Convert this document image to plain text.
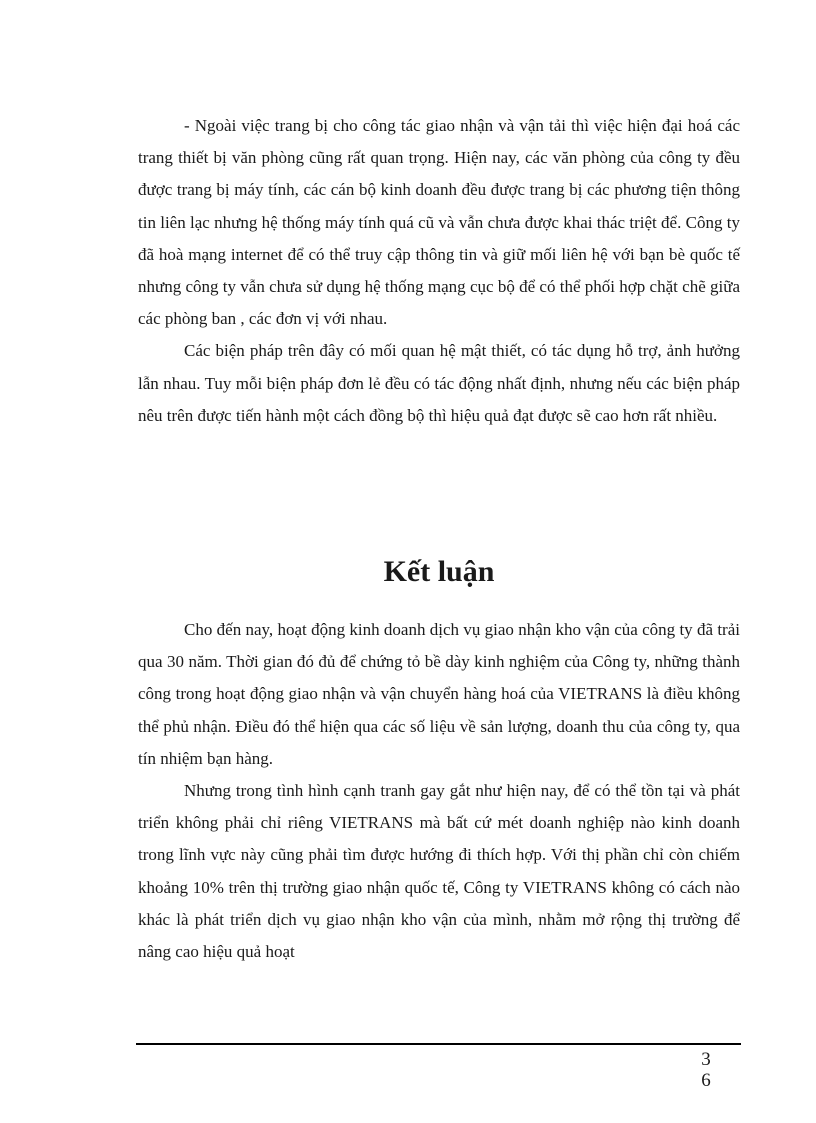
- Ngoài việc trang bị cho công tác giao nhận và vận tải thì việc hiện đại hoá các trang thiết bị văn phòng cũng rất quan trọng. Hiện nay, các văn phòng của công ty đều được trang bị máy tính, các cán bộ kinh doanh đều được trang bị các phương tiện thông tin liên lạc nhưng hệ thống máy tính quá cũ và vẫn chưa được khai thác triệt để. Công ty đã hoà mạng internet để có thể truy cập thông tin và giữ mối liên hệ với bạn bè quốc tế nhưng công ty vẫn chưa sử dụng hệ thống mạng cục bộ để có thể phối hợp chặt chẽ giữa các phòng ban , các đơn vị với nhau.

Các biện pháp trên đây có mối quan hệ mật thiết, có tác dụng hỗ trợ, ảnh hưởng lẫn nhau. Tuy mỗi biện pháp đơn lẻ đều có tác động nhất định, nhưng nếu các biện pháp nêu trên được tiến hành một cách đồng bộ thì hiệu quả đạt được sẽ cao hơn rất nhiều.

Kết luận

Cho đến nay, hoạt động kinh doanh dịch vụ giao nhận kho vận của công ty đã trải qua 30 năm. Thời gian đó đủ để chứng tỏ bề dày kinh nghiệm của Công ty, những thành công trong hoạt động giao nhận và vận chuyển hàng hoá của VIETRANS là điều không thể phủ nhận. Điều đó thể hiện qua các số liệu về sản lượng, doanh thu của công ty, qua tín nhiệm bạn hàng.

Nhưng trong tình hình cạnh tranh gay gắt như hiện nay, để có thể tồn tại và phát triển không phải chỉ riêng VIETRANS mà bất cứ mét doanh nghiệp nào kinh doanh trong lĩnh vực này cũng phải tìm được hướng đi thích hợp. Với thị phần chỉ còn chiếm khoảng 10% trên thị trường giao nhận quốc tế, Công ty VIETRANS không có cách nào khác là phát triển dịch vụ giao nhận kho vận của mình, nhằm mở rộng thị trường để nâng cao hiệu quả hoạt

36
